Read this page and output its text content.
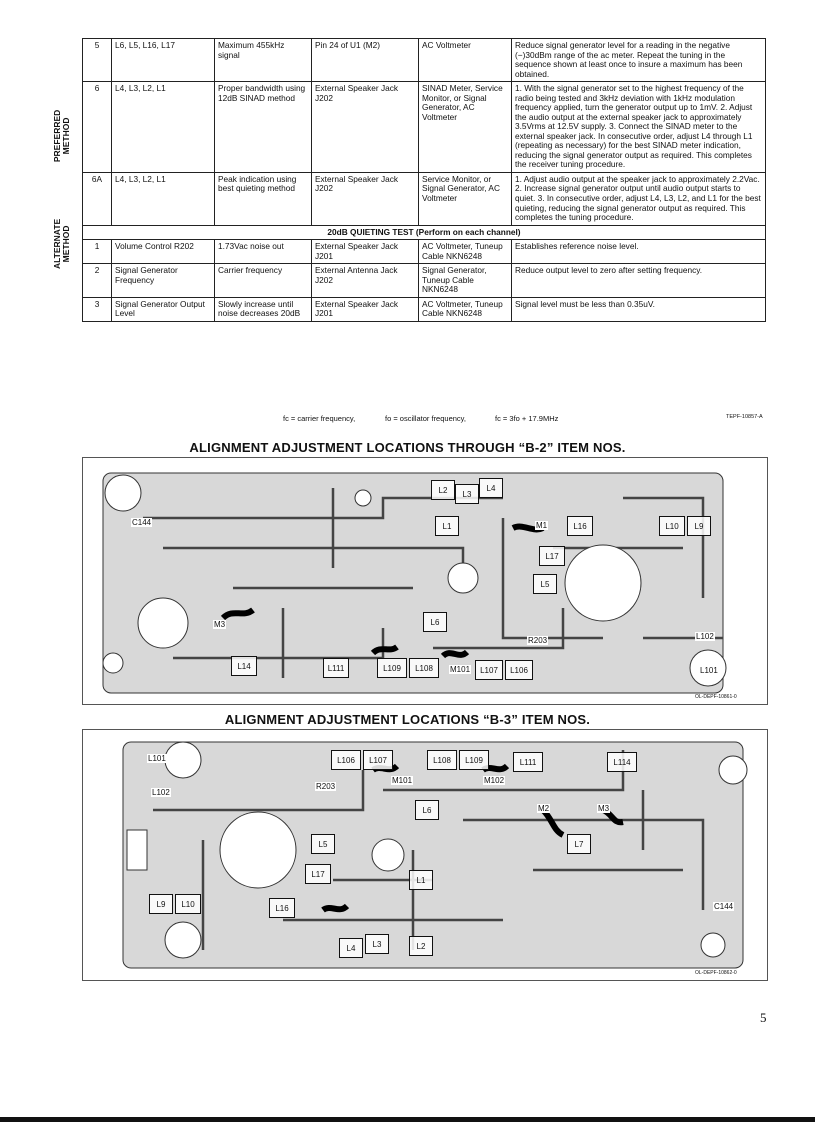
PREFERRED METHOD
ALTERNATE METHOD
5	L6, L5, L16, L17	Maximum 455kHz signal	Pin 24 of U1 (M2)	AC Voltmeter	Reduce signal generator level for a reading in the negative (−)30dBm range of the ac meter. Repeat the tuning in the sequence shown at least once to insure a maximum has been obtained.
6	L4, L3, L2, L1	Proper bandwidth using 12dB SINAD method	External Speaker Jack J202	SINAD Meter, Service Monitor, or Signal Generator, AC Voltmeter	1. With the signal generator set to the highest frequency of the radio being tested and 3kHz deviation with 1kHz modulation frequency applied, turn the generator output up to 1mV. 2. Adjust the audio output at the external speaker jack to approximately 3.5Vrms at 12.5V supply. 3. Connect the SINAD meter to the external speaker jack. In consecutive order, adjust L4 through L1 (repeating as necessary) for the best SINAD meter indication, reducing the signal generator output as required. This completes the receiver tuning procedure.
6A	L4, L3, L2, L1	Peak indication using best quieting method	External Speaker Jack J202	Service Monitor, or Signal Generator, AC Voltmeter	1. Adjust audio output at the speaker jack to approximately 2.2Vac. 2. Increase signal generator output until audio output starts to quiet. 3. In consecutive order, adjust L4, L3, L2, and L1 for the best quieting, reducing the signal generator output as required. This completes the tuning procedure.
20dB QUIETING TEST (Perform on each channel)					
1	Volume Control R202	1.73Vac noise out	External Speaker Jack J201	AC Voltmeter, Tuneup Cable NKN6248	Establishes reference noise level.
2	Signal Generator Frequency	Carrier frequency	External Antenna Jack J202	Signal Generator, Tuneup Cable NKN6248	Reduce output level to zero after setting frequency.
3	Signal Generator Output Level	Slowly increase until noise decreases 20dB	External Speaker Jack J201	AC Voltmeter, Tuneup Cable NKN6248	Signal level must be less than 0.35uV.
fc = carrier frequency,	fo = oscillator frequency,	fc = 3fo + 17.9MHz	TEPF-10857-A
ALIGNMENT ADJUSTMENT LOCATIONS THROUGH “B-2” ITEM NOS.
C144
L2	L3
L4
L1	M1	L16	L10	L9
L17
L5
M3	L6
R203	L102
L14	L111	L109	L108	M101	L107	L106	L101
OL-DEPF-10861-0
ALIGNMENT ADJUSTMENT LOCATIONS “B-3” ITEM NOS.
L101
L102
L106	L107
M101
L108	L109
M102
L111	L114
R203
L6	M2	M3
L5	L7
L17
L16
L9	L10
L1
L4	L3	L2
C144
OL-DEPF-10862-0
5
